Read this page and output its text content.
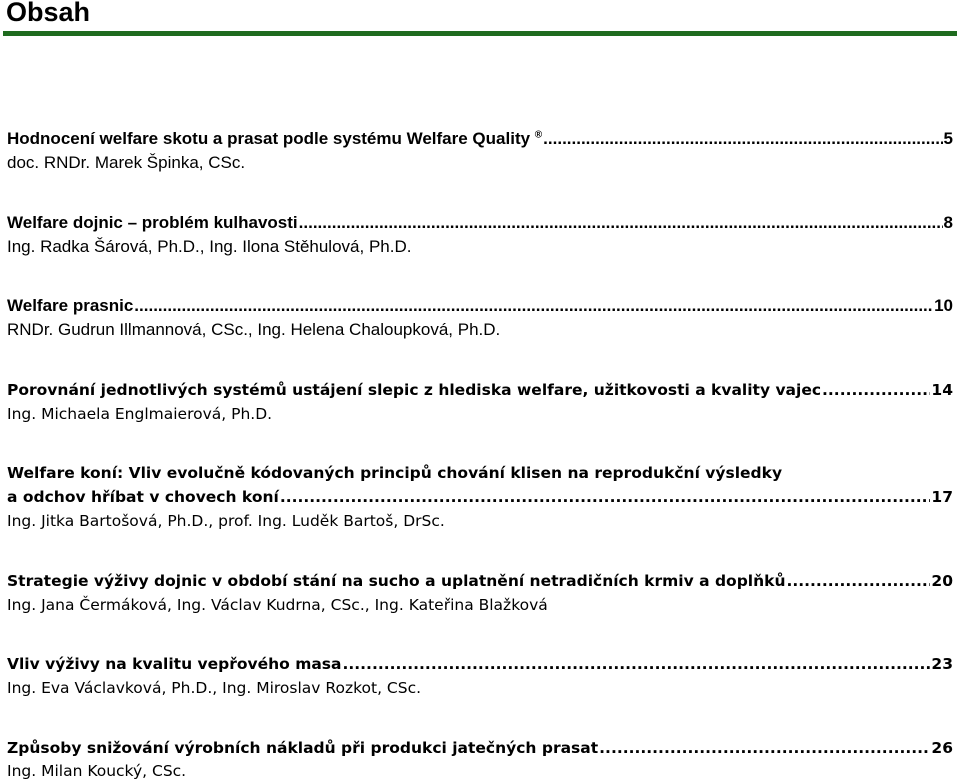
Obsah
Hodnocení welfare skotu a prasat podle systému Welfare Quality ® .....	5
doc. RNDr. Marek Špinka, CSc.
Welfare dojnic – problém kulhavosti .....	8
Ing. Radka Šárová, Ph.D., Ing. Ilona Stěhulová, Ph.D.
Welfare prasnic .....	10
RNDr. Gudrun Illmannová, CSc., Ing. Helena Chaloupková, Ph.D.
Porovnání jednotlivých systémů ustájení slepic z hlediska welfare, užitkovosti a kvality vajec .....	14
Ing. Michaela Englmaierová, Ph.D.
Welfare koní: Vliv evolučně kódovaných principů chování klisen na reprodukční výsledky
a odchov hříbat v chovech koní .....	17
Ing. Jitka Bartošová, Ph.D., prof. Ing. Luděk Bartoš, DrSc.
Strategie výživy dojnic v období stání na sucho a uplatnění netradičních krmiv a doplňků .....	20
Ing. Jana Čermáková, Ing. Václav Kudrna, CSc., Ing. Kateřina Blažková
Vliv výživy na kvalitu vepřového masa .....	23
Ing. Eva Václavková, Ph.D., Ing. Miroslav Rozkot, CSc.
Způsoby snižování výrobních nákladů při produkci jatečných prasat .....	26
Ing. Milan Koucký, CSc.
